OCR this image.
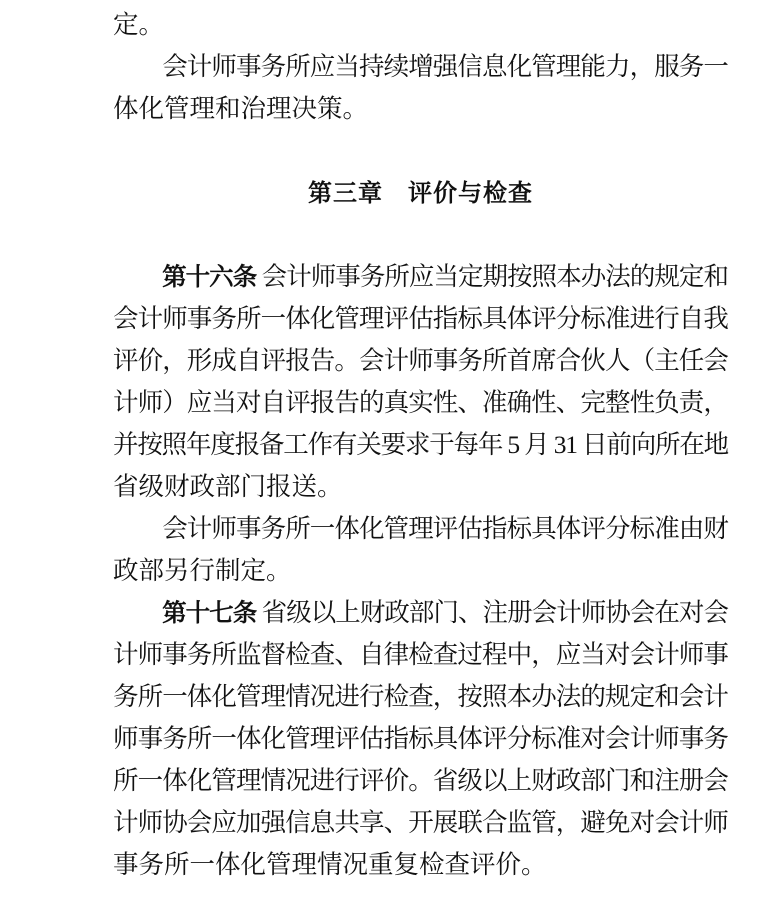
定。
　　会计师事务所应当持续增强信息化管理能力，服务一
体化管理和治理决策。
第三章　评价与检查
　　第十六条 会计师事务所应当定期按照本办法的规定和
会计师事务所一体化管理评估指标具体评分标准进行自我
评价，形成自评报告。会计师事务所首席合伙人（主任会
计师）应当对自评报告的真实性、准确性、完整性负责，
并按照年度报备工作有关要求于每年 5 月 31 日前向所在地
省级财政部门报送。
　　会计师事务所一体化管理评估指标具体评分标准由财
政部另行制定。
　　第十七条 省级以上财政部门、注册会计师协会在对会
计师事务所监督检查、自律检查过程中，应当对会计师事
务所一体化管理情况进行检查，按照本办法的规定和会计
师事务所一体化管理评估指标具体评分标准对会计师事务
所一体化管理情况进行评价。省级以上财政部门和注册会
计师协会应加强信息共享、开展联合监管，避免对会计师
事务所一体化管理情况重复检查评价。
